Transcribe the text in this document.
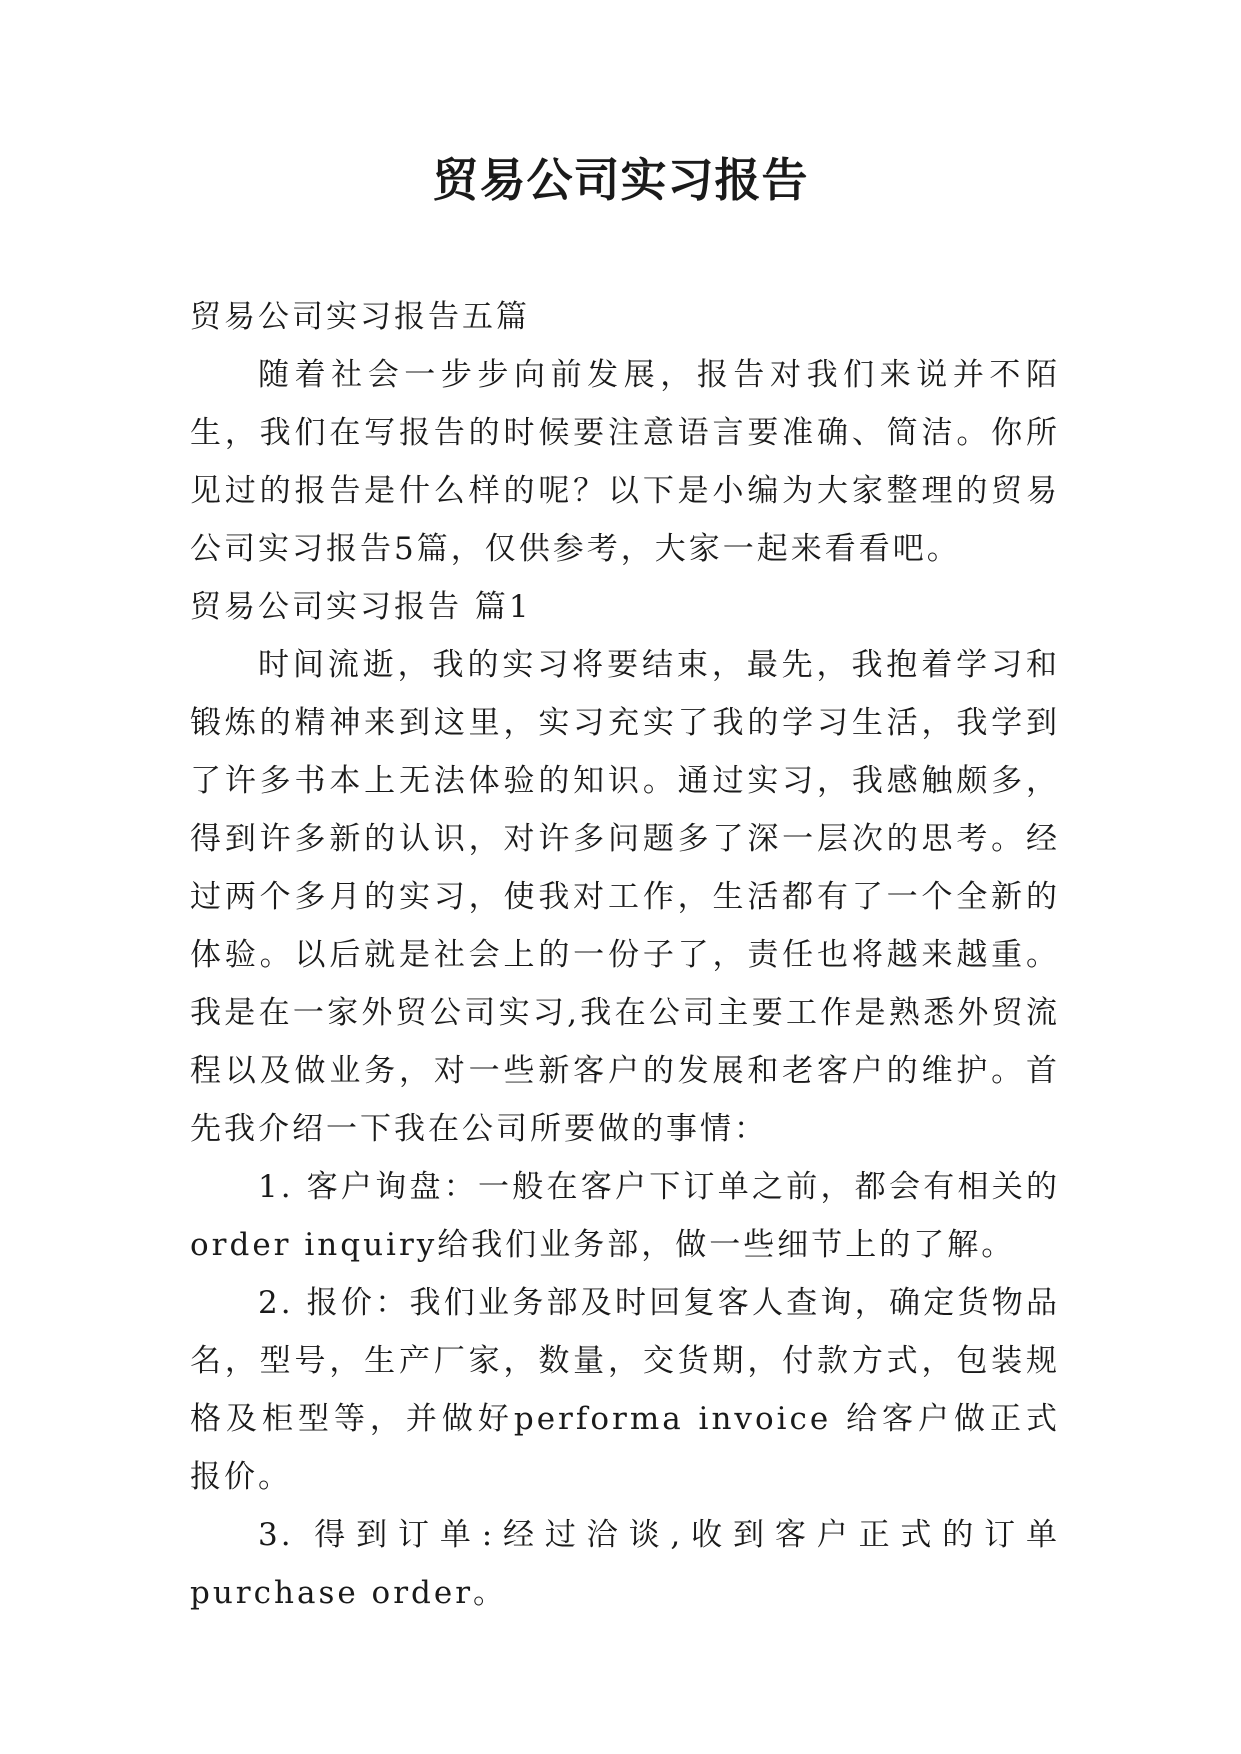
贸易公司实习报告

贸易公司实习报告五篇

随着社会一步步向前发展，报告对我们来说并不陌生，我们在写报告的时候要注意语言要准确、简洁。你所见过的报告是什么样的呢？以下是小编为大家整理的贸易公司实习报告5篇，仅供参考，大家一起来看看吧。

贸易公司实习报告 篇1

时间流逝，我的实习将要结束，最先，我抱着学习和锻炼的精神来到这里，实习充实了我的学习生活，我学到了许多书本上无法体验的知识。通过实习，我感触颇多，得到许多新的认识，对许多问题多了深一层次的思考。经过两个多月的实习，使我对工作，生活都有了一个全新的体验。以后就是社会上的一份子了，责任也将越来越重。我是在一家外贸公司实习,我在公司主要工作是熟悉外贸流程以及做业务，对一些新客户的发展和老客户的维护。首先我介绍一下我在公司所要做的事情：

1. 客户询盘：一般在客户下订单之前，都会有相关的order inquiry给我们业务部，做一些细节上的了解。

2. 报价：我们业务部及时回复客人查询，确定货物品名，型号，生产厂家，数量，交货期，付款方式，包装规格及柜型等，并做好performa invoice 给客户做正式报价。

3. 得到订单:经过洽谈,收到客户正式的订单purchase order。
